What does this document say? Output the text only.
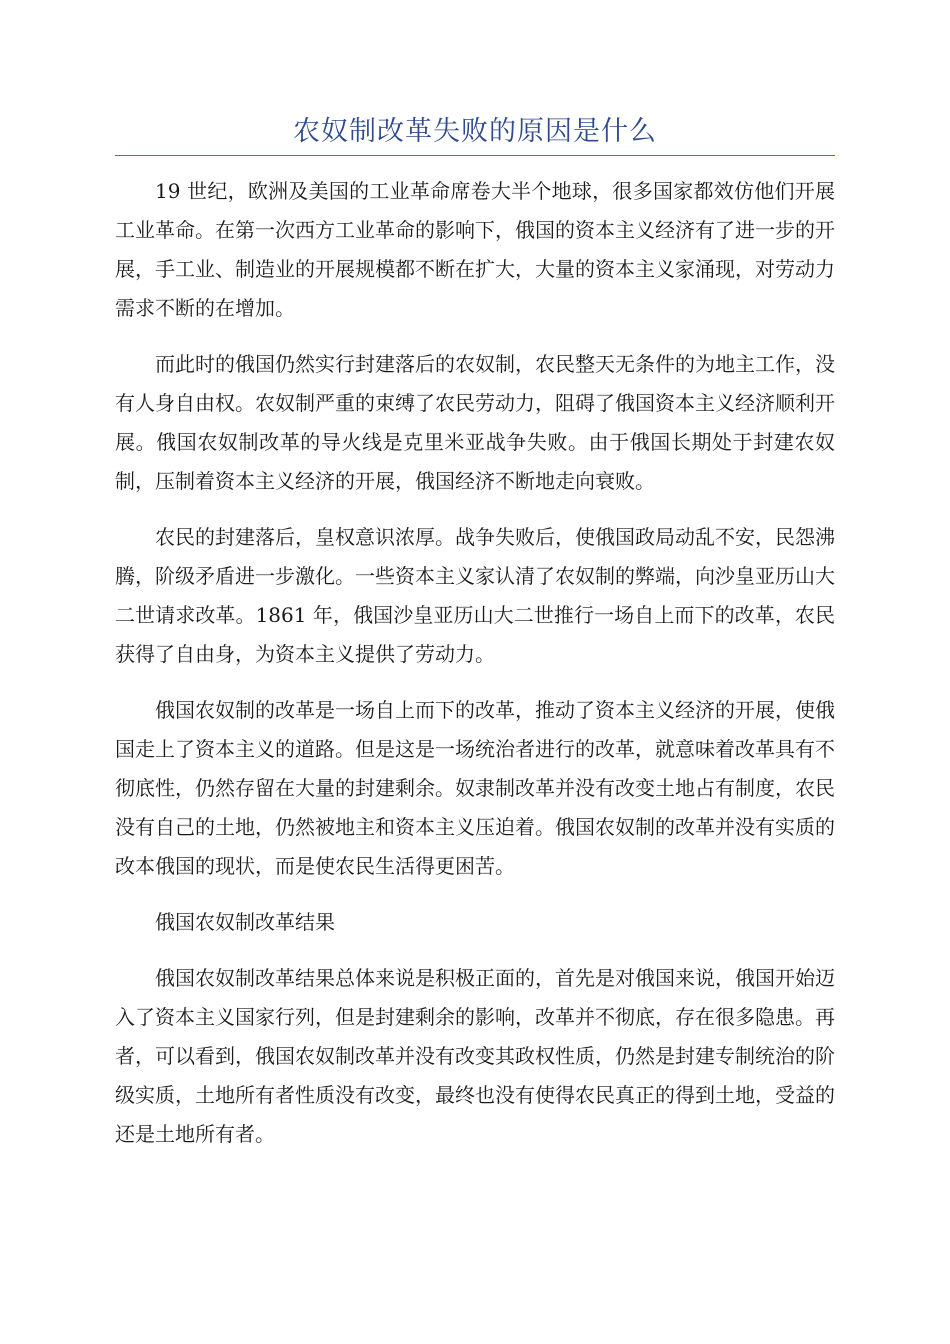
农奴制改革失败的原因是什么

19 世纪，欧洲及美国的工业革命席卷大半个地球，很多国家都效仿他们开展工业革命。在第一次西方工业革命的影响下，俄国的资本主义经济有了进一步的开展，手工业、制造业的开展规模都不断在扩大，大量的资本主义家涌现，对劳动力需求不断的在增加。

而此时的俄国仍然实行封建落后的农奴制，农民整天无条件的为地主工作，没有人身自由权。农奴制严重的束缚了农民劳动力，阻碍了俄国资本主义经济顺利开展。俄国农奴制改革的导火线是克里米亚战争失败。由于俄国长期处于封建农奴制，压制着资本主义经济的开展，俄国经济不断地走向衰败。

农民的封建落后，皇权意识浓厚。战争失败后，使俄国政局动乱不安，民怨沸腾，阶级矛盾进一步激化。一些资本主义家认清了农奴制的弊端，向沙皇亚历山大二世请求改革。1861 年，俄国沙皇亚历山大二世推行一场自上而下的改革，农民获得了自由身，为资本主义提供了劳动力。

俄国农奴制的改革是一场自上而下的改革，推动了资本主义经济的开展，使俄国走上了资本主义的道路。但是这是一场统治者进行的改革，就意味着改革具有不彻底性，仍然存留在大量的封建剩余。奴隶制改革并没有改变土地占有制度，农民没有自己的土地，仍然被地主和资本主义压迫着。俄国农奴制的改革并没有实质的改本俄国的现状，而是使农民生活得更困苦。

俄国农奴制改革结果

俄国农奴制改革结果总体来说是积极正面的，首先是对俄国来说，俄国开始迈入了资本主义国家行列，但是封建剩余的影响，改革并不彻底，存在很多隐患。再者，可以看到，俄国农奴制改革并没有改变其政权性质，仍然是封建专制统治的阶级实质，土地所有者性质没有改变，最终也没有使得农民真正的得到土地，受益的还是土地所有者。
